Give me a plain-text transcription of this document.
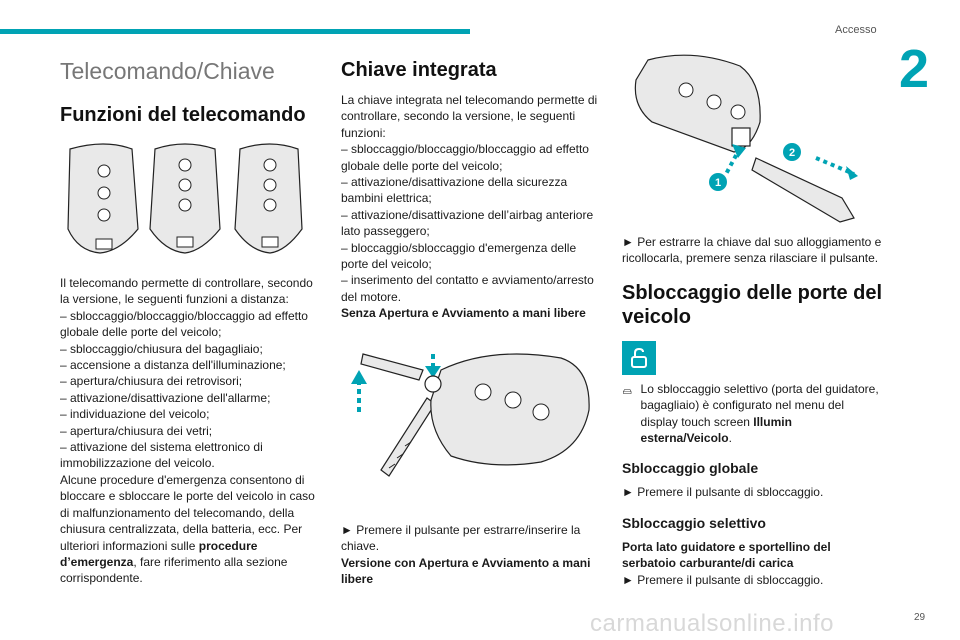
Accesso
2
Telecomando/Chiave
Funzioni del telecomando

Il telecomando permette di controllare, secondo la versione, le seguenti funzioni a distanza:

– sbloccaggio/bloccaggio/bloccaggio ad effetto globale delle porte del veicolo;

– sbloccaggio/chiusura del bagagliaio;

– accensione a distanza dell'illuminazione;

– apertura/chiusura dei retrovisori;

– attivazione/disattivazione dell'allarme;

– individuazione del veicolo;

– apertura/chiusura dei vetri;

– attivazione del sistema elettronico di immobilizzazione del veicolo.

Alcune procedure d'emergenza consentono di bloccare e sbloccare le porte del veicolo in caso di malfunzionamento del telecomando, della chiusura centralizzata, della batteria, ecc. Per ulteriori informazioni sulle procedure d’emergenza, fare riferimento alla sezione corrispondente.

Chiave integrata

La chiave integrata nel telecomando permette di controllare, secondo la versione, le seguenti funzioni:

– sbloccaggio/bloccaggio/bloccaggio ad effetto globale delle porte del veicolo;

– attivazione/disattivazione della sicurezza bambini elettrica;

– attivazione/disattivazione dell’airbag anteriore lato passeggero;

– bloccaggio/sbloccaggio d'emergenza delle porte del veicolo;

– inserimento del contatto e avviamento/arresto del motore.

Senza Apertura e Avviamento a mani libere

► Premere il pulsante per estrarre/inserire la chiave.

Versione con Apertura e Avviamento a mani libere

1
2
► Per estrarre la chiave dal suo alloggiamento e ricollocarla, premere senza rilasciare il pulsante.
Sbloccaggio delle porte del veicolo
Lo sbloccaggio selettivo (porta del guidatore, bagagliaio) è configurato nel menu del display touch screen Illumin esterna/Veicolo.
Sbloccaggio globale
► Premere il pulsante di sbloccaggio.
Sbloccaggio selettivo
Porta lato guidatore e sportellino del serbatoio carburante/di carica
► Premere il pulsante di sbloccaggio.
carmanualsonline.info	29
